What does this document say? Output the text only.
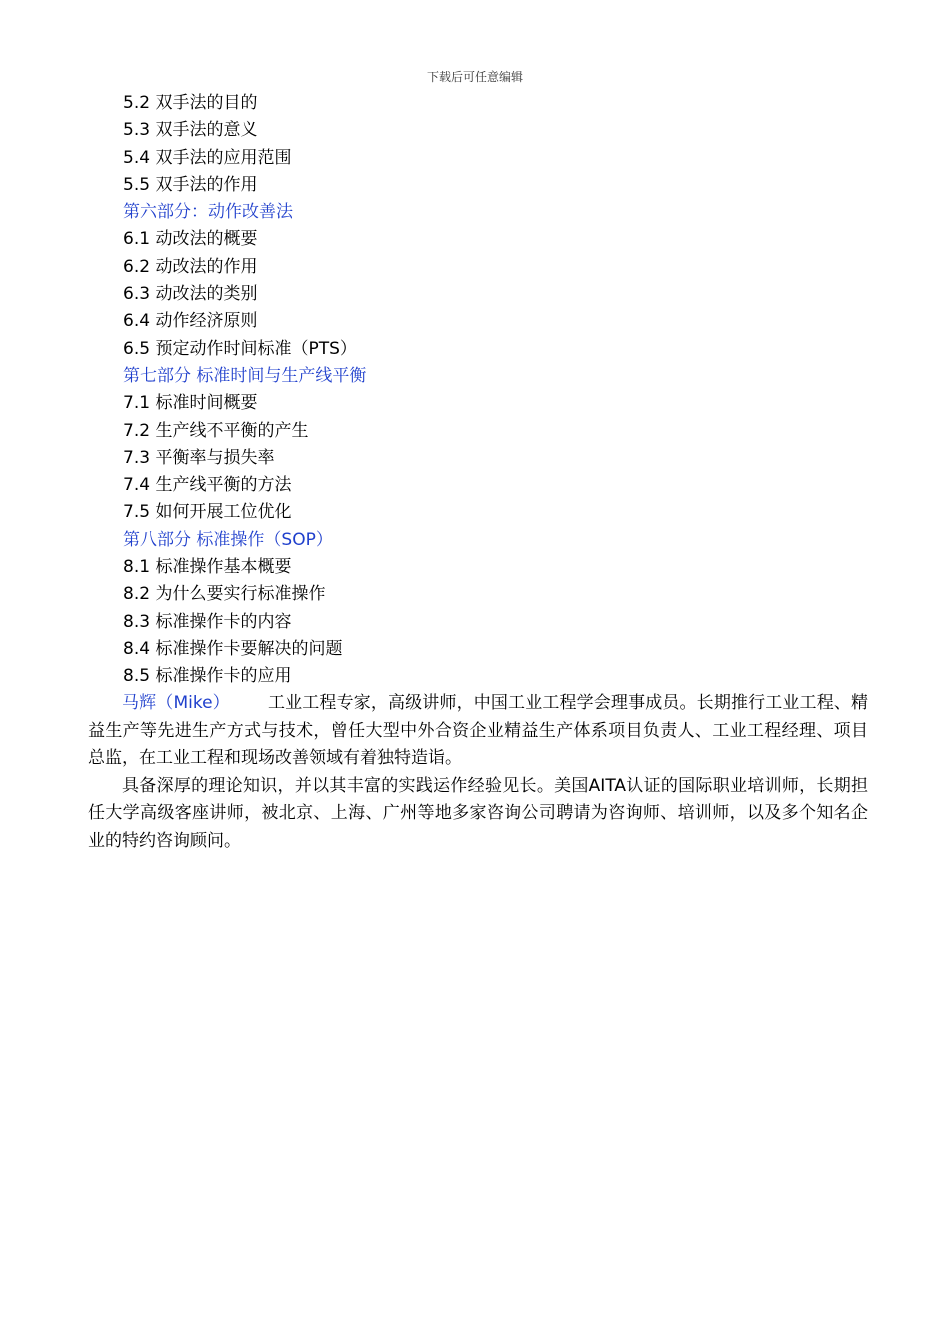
下载后可任意编辑
5.2 双手法的目的
5.3 双手法的意义
5.4 双手法的应用范围
5.5 双手法的作用
第六部分：动作改善法
6.1 动改法的概要
6.2 动改法的作用
6.3 动改法的类别
6.4 动作经济原则
6.5 预定动作时间标准（PTS）
第七部分 标准时间与生产线平衡
7.1 标准时间概要
7.2 生产线不平衡的产生
7.3 平衡率与损失率
7.4 生产线平衡的方法
7.5 如何开展工位优化
第八部分 标准操作（SOP）
8.1 标准操作基本概要
8.2 为什么要实行标准操作
8.3 标准操作卡的内容
8.4 标准操作卡要解决的问题
8.5 标准操作卡的应用

马辉（Mike） 工业工程专家，高级讲师，中国工业工程学会理事成员。长期推行工业工程、精益生产等先进生产方式与技术，曾任大型中外合资企业精益生产体系项目负责人、工业工程经理、项目总监，在工业工程和现场改善领域有着独特造诣。

具备深厚的理论知识，并以其丰富的实践运作经验见长。美国AITA认证的国际职业培训师，长期担任大学高级客座讲师，被北京、上海、广州等地多家咨询公司聘请为咨询师、培训师，以及多个知名企业的特约咨询顾问。
